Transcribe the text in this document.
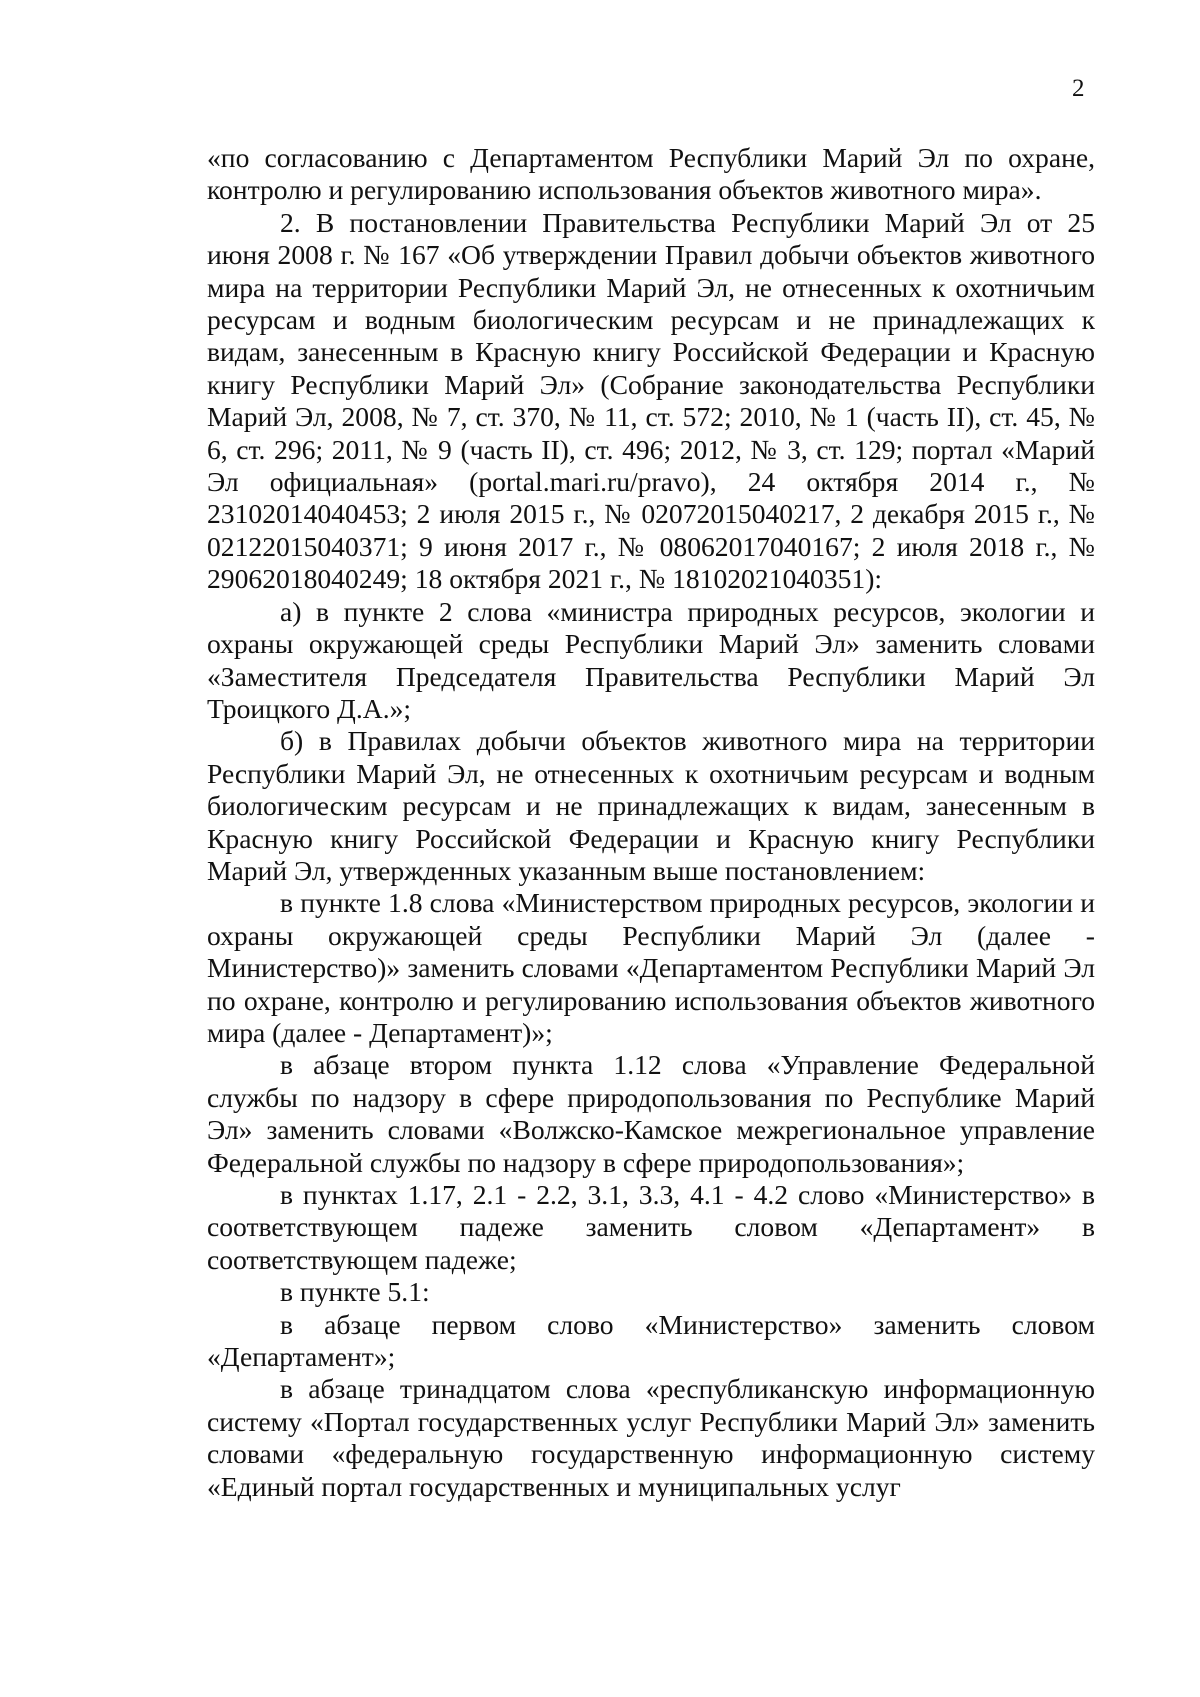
2

«по согласованию с Департаментом Республики Марий Эл по охране, контролю и регулированию использования объектов животного мира».

2. В постановлении Правительства Республики Марий Эл от 25 июня 2008 г. № 167 «Об утверждении Правил добычи объектов животного мира на территории Республики Марий Эл, не отнесенных к охотничьим ресурсам и водным биологическим ресурсам и не принадлежащих к видам, занесенным в Красную книгу Российской Федерации и Красную книгу Республики Марий Эл» (Собрание законодательства Республики Марий Эл, 2008, № 7, ст. 370, № 11, ст. 572; 2010, № 1 (часть II), ст. 45, № 6, ст. 296; 2011, № 9 (часть II), ст. 496; 2012, № 3, ст. 129; портал «Марий Эл официальная» (portal.mari.ru/pravo), 24 октября 2014 г., № 23102014040453; 2 июля 2015 г., № 02072015040217, 2 декабря 2015 г., № 02122015040371; 9 июня 2017 г., № 08062017040167; 2 июля 2018 г., № 29062018040249; 18 октября 2021 г., № 18102021040351):

а) в пункте 2 слова «министра природных ресурсов, экологии и охраны окружающей среды Республики Марий Эл» заменить словами «Заместителя Председателя Правительства Республики Марий Эл Троицкого Д.А.»;

б) в Правилах добычи объектов животного мира на территории Республики Марий Эл, не отнесенных к охотничьим ресурсам и водным биологическим ресурсам и не принадлежащих к видам, занесенным в Красную книгу Российской Федерации и Красную книгу Республики Марий Эл, утвержденных указанным выше постановлением:

в пункте 1.8 слова «Министерством природных ресурсов, экологии и охраны окружающей среды Республики Марий Эл (далее - Министерство)» заменить словами «Департаментом Республики Марий Эл по охране, контролю и регулированию использования объектов животного мира (далее - Департамент)»;

в абзаце втором пункта 1.12 слова «Управление Федеральной службы по надзору в сфере природопользования по Республике Марий Эл» заменить словами «Волжско-Камское межрегиональное управление Федеральной службы по надзору в сфере природопользования»;

в пунктах 1.17, 2.1 - 2.2, 3.1, 3.3, 4.1 - 4.2 слово «Министерство» в соответствующем падеже заменить словом «Департамент» в соответствующем падеже;

в пункте 5.1:

в абзаце первом слово «Министерство» заменить словом «Департамент»;

в абзаце тринадцатом слова «республиканскую информационную систему «Портал государственных услуг Республики Марий Эл» заменить словами «федеральную государственную информационную систему «Единый портал государственных и муниципальных услуг
